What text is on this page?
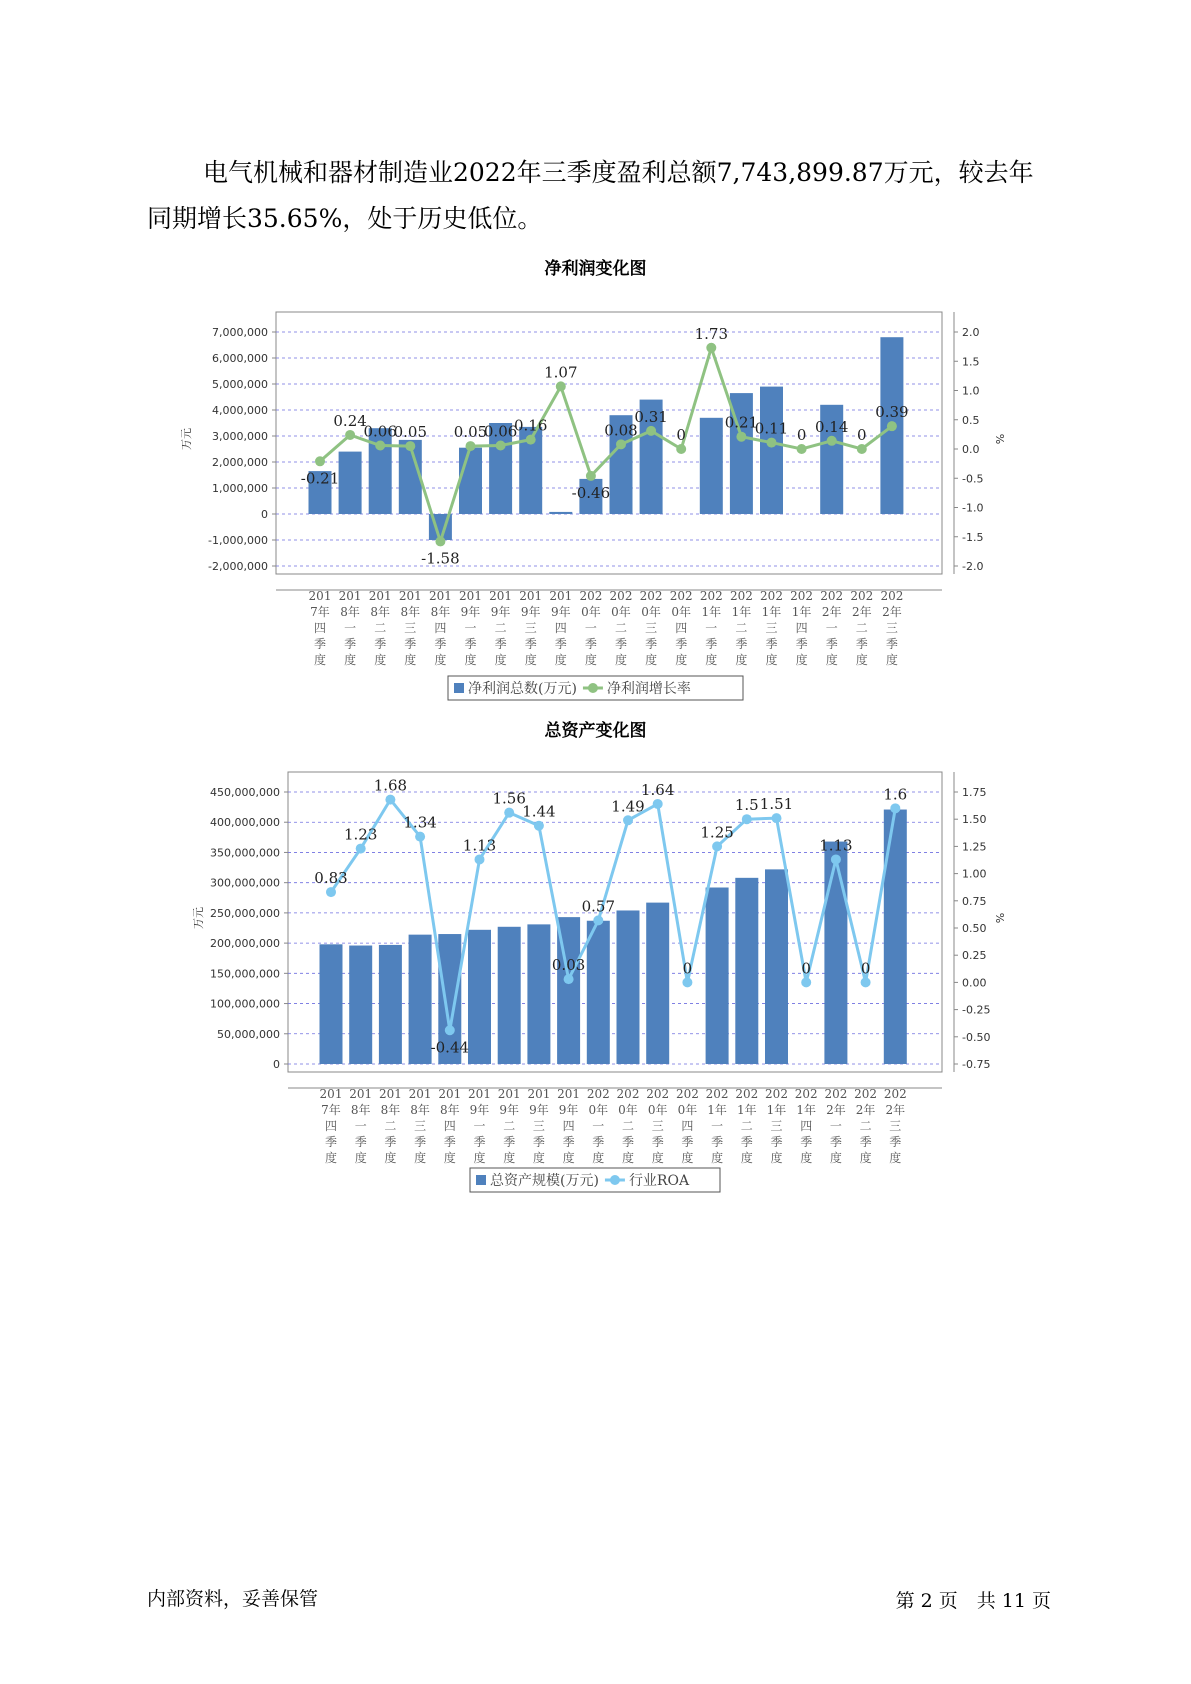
电气机械和器材制造业2022年三季度盈利总额7,743,899.87万元，较去年同期增长35.65%，处于历史低位。

净利润变化图
7,000,000
6,000,000
5,000,000
4,000,000
3,000,000
2,000,000
1,000,000
0
-1,000,000
-2,000,000
2.0
1.5
1.0
0.5
0.0
-0.5
-1.0
-1.5
-2.0
万元	%
-0.21
0.24
0.06
0.05
-1.58
0.05
0.06
0.16
1.07
-0.46
0.08
0.31
0
1.73
0.21
0.11 0 0.14 0
0.39
201
7年
四
季
度
201
8年
一
季
度
201
8年
二
季
度
201
8年
三
季
度
201
8年
四
季
度
201
9年
一
季
度
201
9年
二
季
度
201
9年
三
季
度
201
9年
四
季
度
202
0年
一
季
度
202
0年
二
季
度
202
0年
三
季
度
202
0年
四
季
度
202
1年
一
季
度
202
1年
二
季
度
202
1年
三
季
度
202
1年
四
季
度
202
2年
一
季
度
202
2年
二
季
度
202
2年
三
季
度
净利润总数(万元) 净利润增长率
总资产变化图
450,000,000
400,000,000
350,000,000
300,000,000
250,000,000
200,000,000
150,000,000
100,000,000
50,000,000
0
1.75
1.50
1.25
1.00
0.75
0.50
0.25
0.00
-0.25
-0.50
-0.75
万元	%
0.83
1.23
1.68
1.34
-0.44
1.13
1.56
1.44
0.03
0.57
1.49
1.64
0
1.25
1.5 1.51
0
1.13
0
1.6
201
7年
四
季
度
201
8年
一
季
度
201
8年
二
季
度
201
8年
三
季
度
201
8年
四
季
度
201
9年
一
季
度
201
9年
二
季
度
201
9年
三
季
度
201
9年
四
季
度
202
0年
一
季
度
202
0年
二
季
度
202
0年
三
季
度
202
0年
四
季
度
202
1年
一
季
度
202
1年
二
季
度
202
1年
三
季
度
202
1年
四
季
度
202
2年
一
季
度
202
2年
二
季
度
202
2年
三
季
度
总资产规模(万元) 行业ROA
内部资料，妥善保管	第 2 页　共 11 页
